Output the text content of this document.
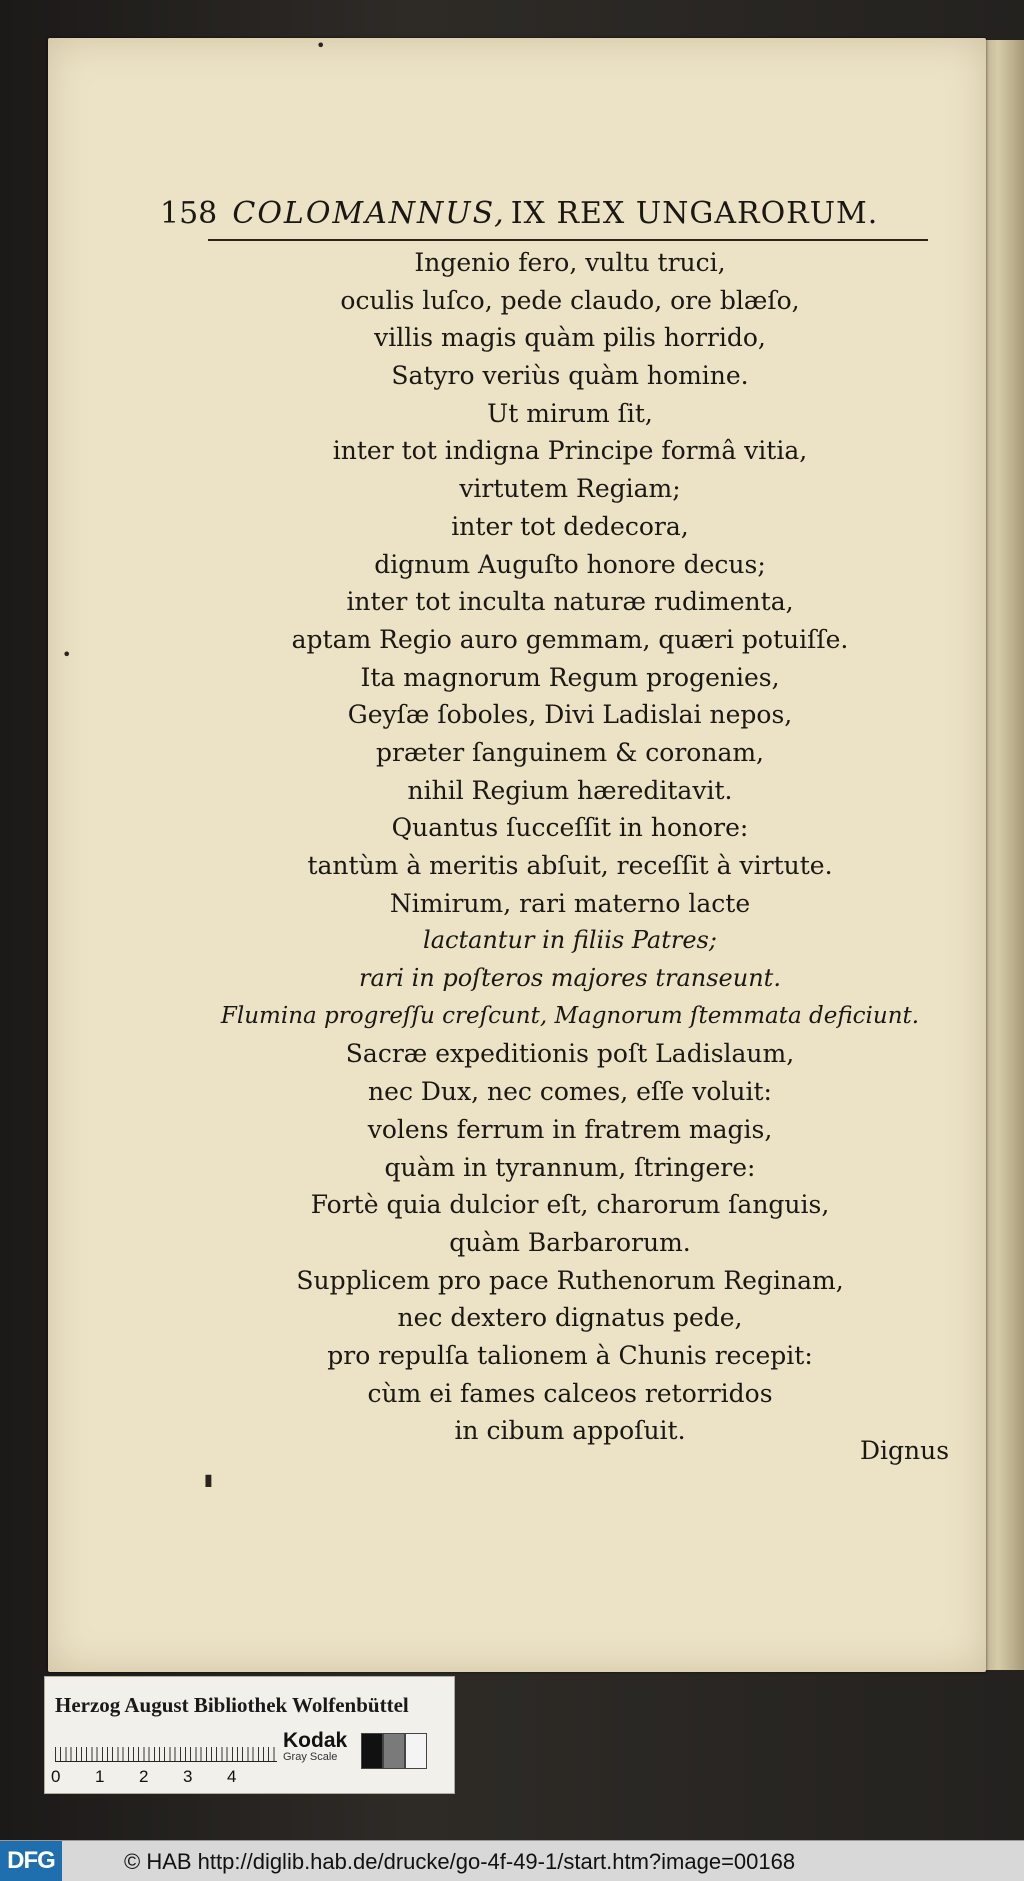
158 COLOMANNUS, IX REX UNGARORUM.
Ingenio fero, vultu truci,
oculis luſco, pede claudo, ore blæſo,
villis magis quàm pilis horrido,
Satyro veriùs quàm homine.
Ut mirum ſit,
inter tot indigna Principe formâ vitia,
virtutem Regiam;
inter tot dedecora,
dignum Auguſto honore decus;
inter tot inculta naturæ rudimenta,
aptam Regio auro gemmam, quæri potuiſſe.
Ita magnorum Regum progenies,
Geyſæ ſoboles, Divi Ladislai nepos,
præter ſanguinem & coronam,
nihil Regium hæreditavit.
Quantus ſucceſſit in honore:
tantùm à meritis abſuit, receſſit à virtute.
Nimirum, rari materno lacte
lactantur in filiis Patres;
rari in poſteros majores transeunt.
Flumina progreſſu creſcunt, Magnorum ſtemmata deficiunt.
Sacræ expeditionis poſt Ladislaum,
nec Dux, nec comes, eſſe voluit:
volens ferrum in fratrem magis,
quàm in tyrannum, ſtringere:
Fortè quia dulcior eſt, charorum ſanguis,
quàm Barbarorum.
Supplicem pro pace Ruthenorum Reginam,
nec dextero dignatus pede,
pro repulſa talionem à Chunis recepit:
cùm ei fames calceos retorridos
in cibum appoſuit.
Dignus
•
•
▮
Herzog August Bibliothek Wolfenbüttel
0 1 2 3 4
Kodak
Gray Scale
DFG	© HAB http://diglib.hab.de/drucke/go-4f-49-1/start.htm?image=00168
